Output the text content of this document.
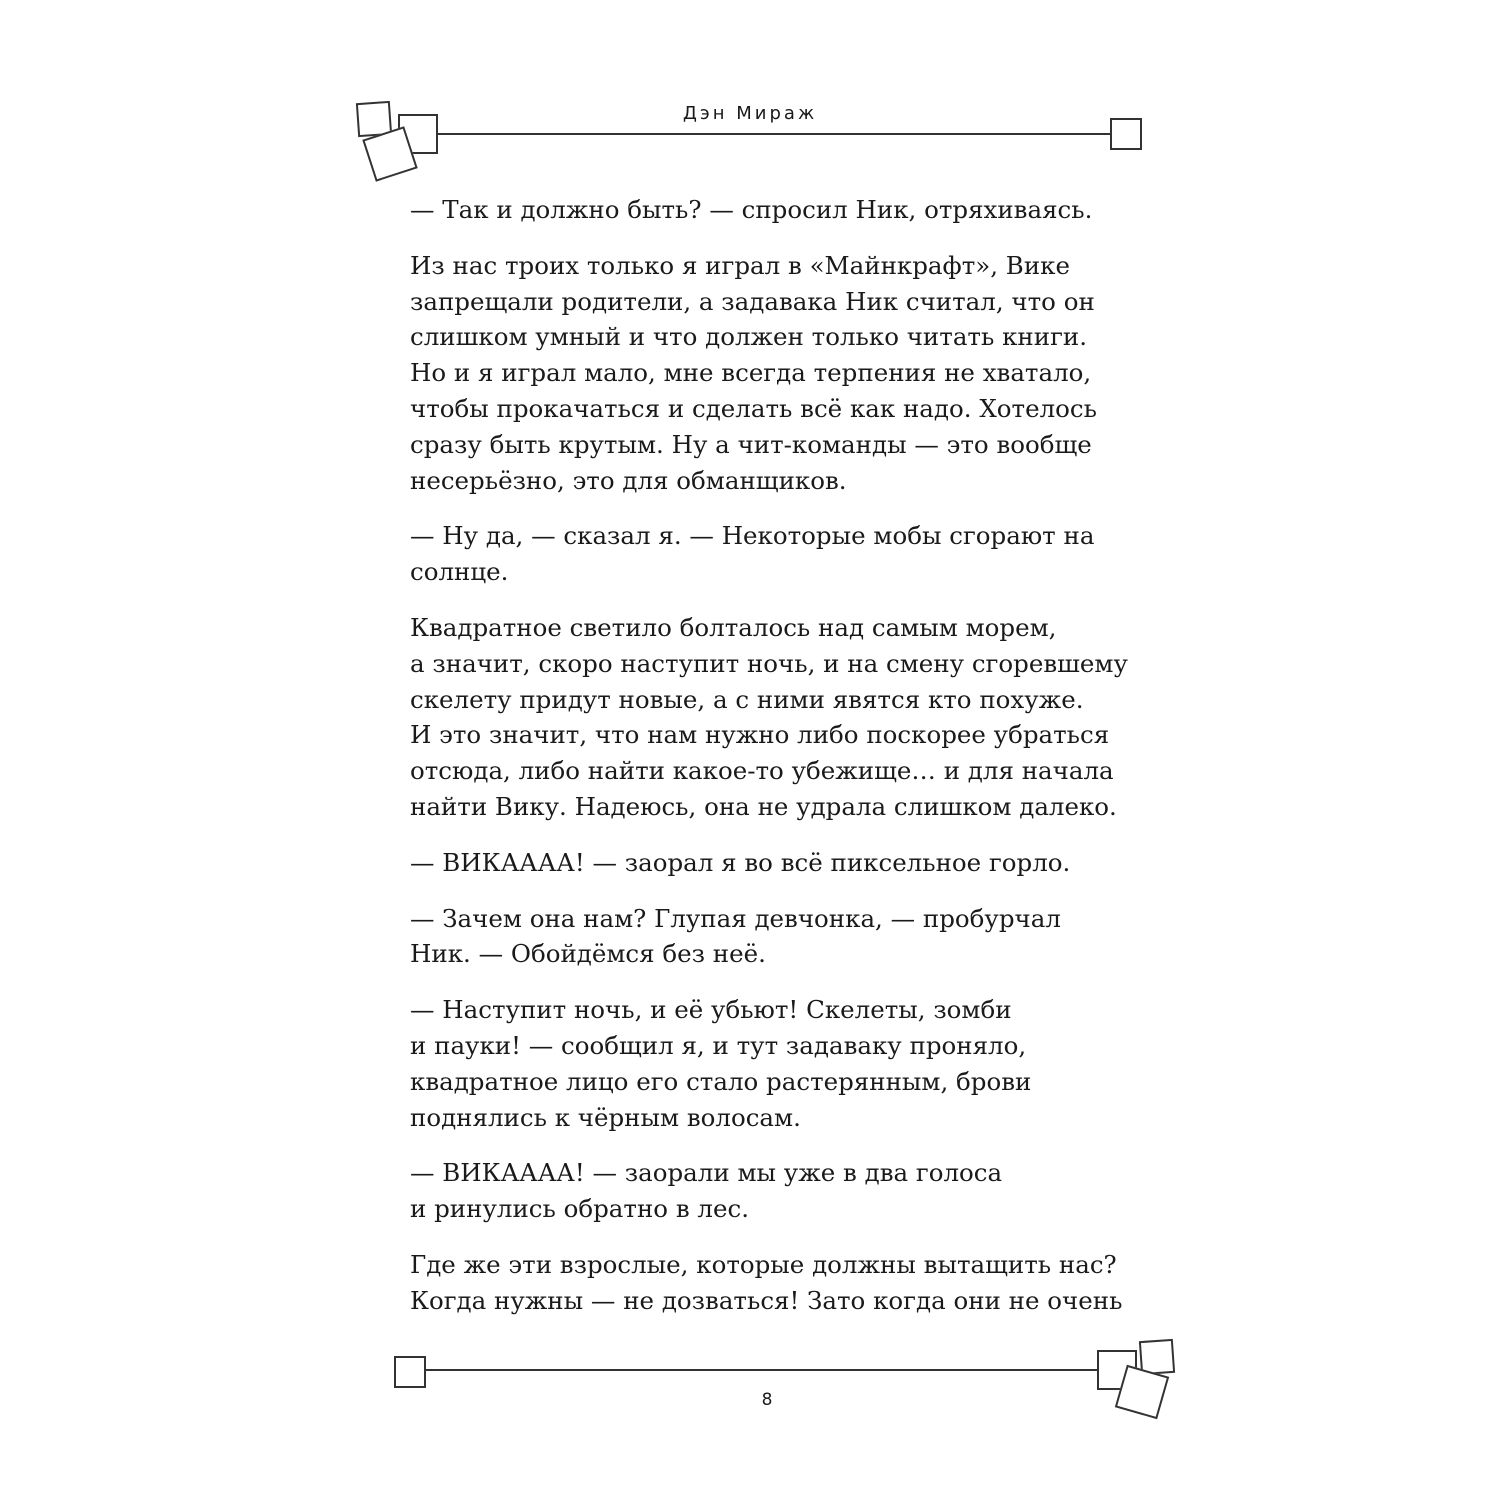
Дэн Мираж

— Так и должно быть? — спросил Ник, отряхиваясь.

Из нас троих только я играл в «Майнкрафт», Вике
запрещали родители, а задавака Ник считал, что он
слишком умный и что должен только читать книги.
Но и я играл мало, мне всегда терпения не хватало,
чтобы прокачаться и сделать всё как надо. Хотелось
сразу быть крутым. Ну а чит-команды — это вообще
несерьёзно, это для обманщиков.

— Ну да, — сказал я. — Некоторые мобы сгорают на
солнце.

Квадратное светило болталось над самым морем,
а значит, скоро наступит ночь, и на смену сгоревшему
скелету придут новые, а с ними явятся кто похуже.
И это значит, что нам нужно либо поскорее убраться
отсюда, либо найти какое-то убежище… и для начала
найти Вику. Надеюсь, она не удрала слишком далеко.

— ВИКАААА! — заорал я во всё пиксельное горло.

— Зачем она нам? Глупая девчонка, — пробурчал
Ник. — Обойдёмся без неё.

— Наступит ночь, и её убьют! Скелеты, зомби
и пауки! — сообщил я, и тут задаваку проняло,
квадратное лицо его стало растерянным, брови
поднялись к чёрным волосам.

— ВИКАААА! — заорали мы уже в два голоса
и ринулись обратно в лес.

Где же эти взрослые, которые должны вытащить нас?
Когда нужны — не дозваться! Зато когда они не очень

8
